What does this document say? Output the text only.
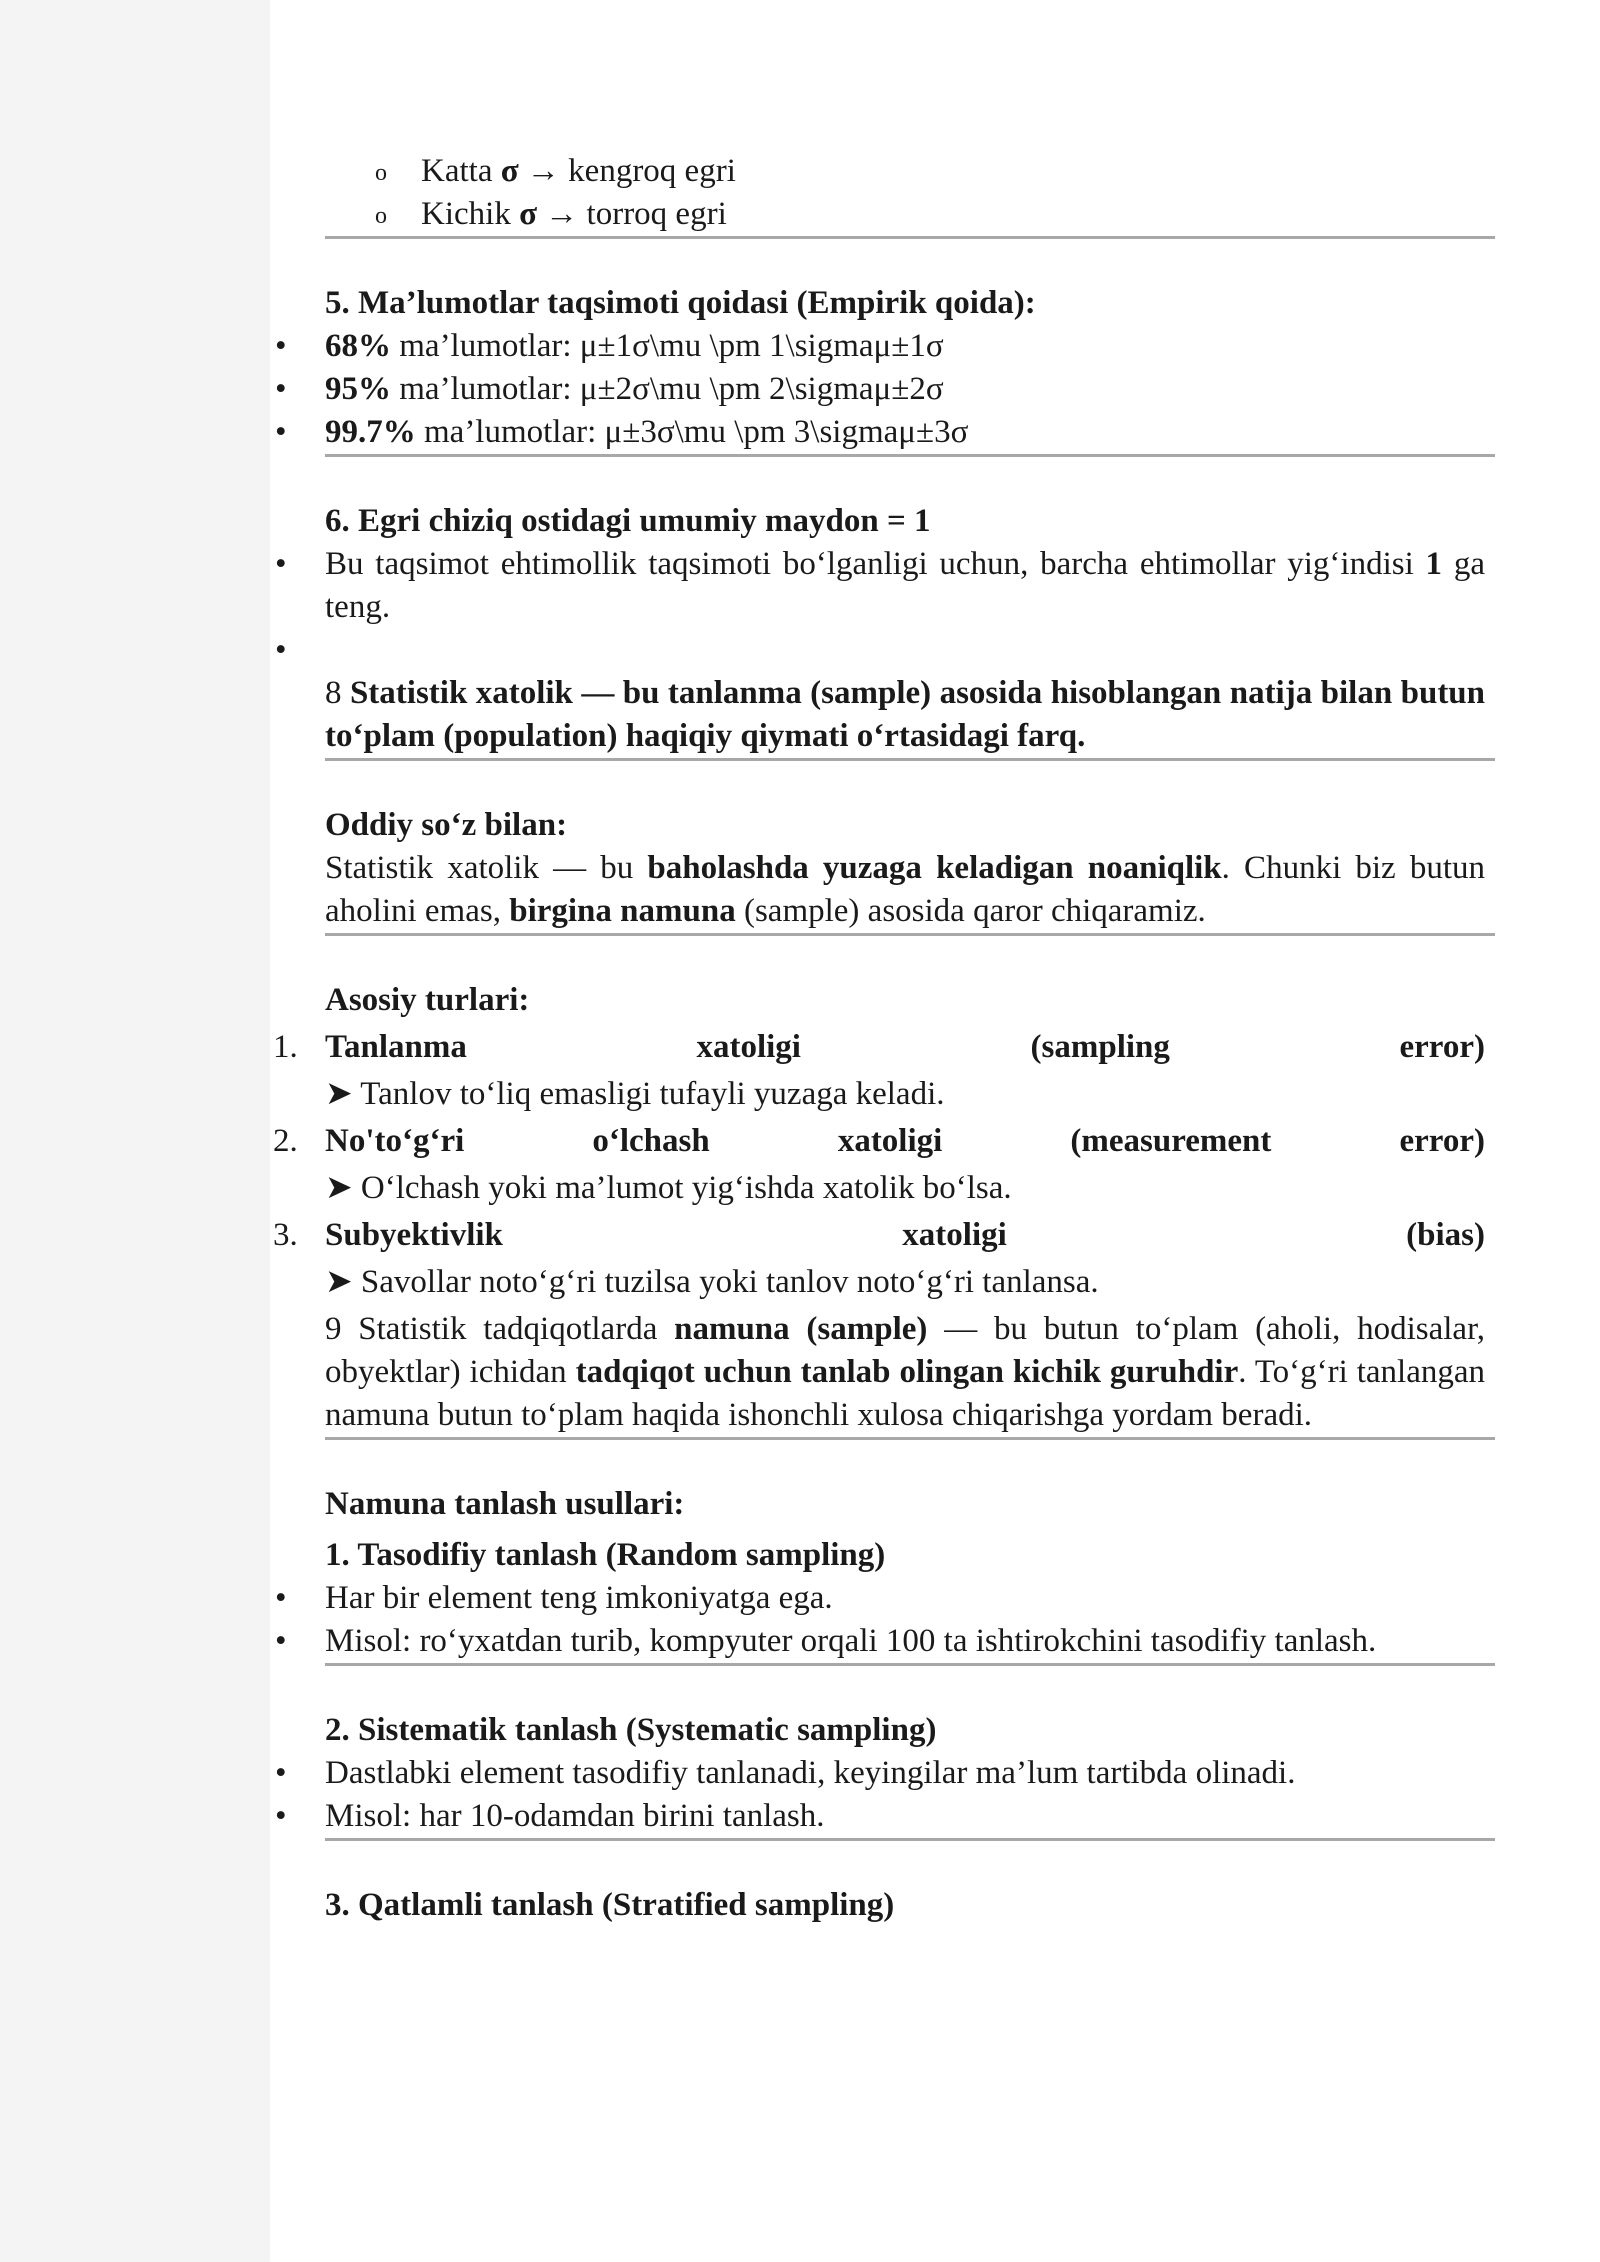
o Katta σ → kengroq egri
o Kichik σ → torroq egri
5. Ma’lumotlar taqsimoti qoidasi (Empirik qoida):
• 68% ma’lumotlar: μ±1σ\mu \pm 1\sigmaμ±1σ
• 95% ma’lumotlar: μ±2σ\mu \pm 2\sigmaμ±2σ
• 99.7% ma’lumotlar: μ±3σ\mu \pm 3\sigmaμ±3σ
6. Egri chiziq ostidagi umumiy maydon = 1
• Bu taqsimot ehtimollik taqsimoti bo‘lganligi uchun, barcha ehtimollar yig‘indisi 1 ga teng.
•
8 Statistik xatolik — bu tanlanma (sample) asosida hisoblangan natija bilan butun to‘plam (population) haqiqiy qiymati o‘rtasidagi farq.
Oddiy so‘z bilan:
Statistik xatolik — bu baholashda yuzaga keladigan noaniqlik. Chunki biz butun aholini emas, birgina namuna (sample) asosida qaror chiqaramiz.
Asosiy turlari:
1. Tanlanma	xatoligi	(sampling	error)
➤ Tanlov to‘liq emasligi tufayli yuzaga keladi.
2. No'to‘g‘ri	o‘lchash	xatoligi	(measurement	error)
➤ O‘lchash yoki ma’lumot yig‘ishda xatolik bo‘lsa.
3. Subyektivlik	xatoligi	(bias)
➤ Savollar noto‘g‘ri tuzilsa yoki tanlov noto‘g‘ri tanlansa.
9 Statistik tadqiqotlarda namuna (sample) — bu butun to‘plam (aholi, hodisalar, obyektlar) ichidan tadqiqot uchun tanlab olingan kichik guruhdir. To‘g‘ri tanlangan namuna butun to‘plam haqida ishonchli xulosa chiqarishga yordam beradi.
Namuna tanlash usullari:
1. Tasodifiy tanlash (Random sampling)
• Har bir element teng imkoniyatga ega.
• Misol: ro‘yxatdan turib, kompyuter orqali 100 ta ishtirokchini tasodifiy tanlash.
2. Sistematik tanlash (Systematic sampling)
• Dastlabki element tasodifiy tanlanadi, keyingilar ma’lum tartibda olinadi.
• Misol: har 10-odamdan birini tanlash.
3. Qatlamli tanlash (Stratified sampling)
